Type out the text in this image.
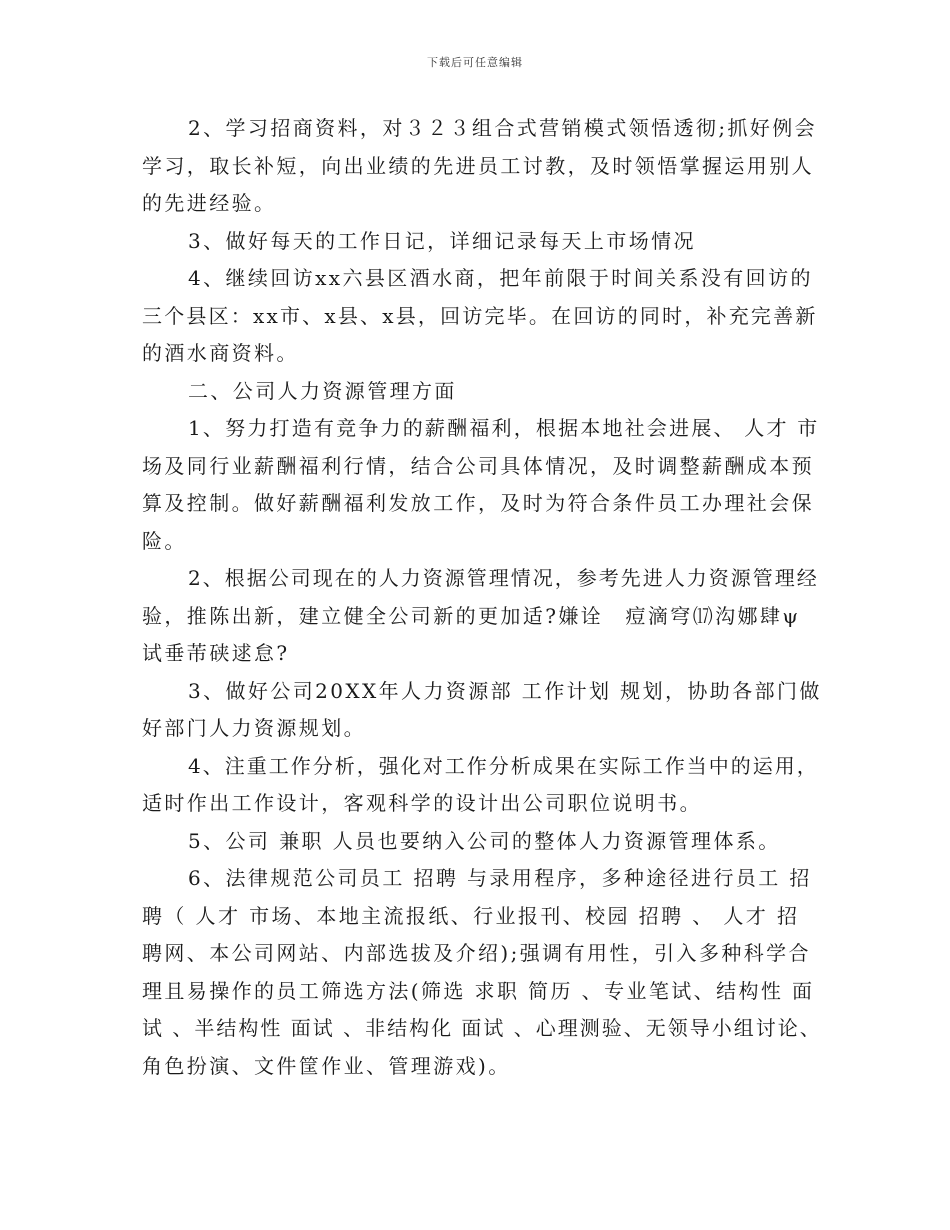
下载后可任意编辑
2、学习招商资料，对３２３组合式营销模式领悟透彻;抓好例会
学习，取长补短，向出业绩的先进员工讨教，及时领悟掌握运用别人
的先进经验。
3、做好每天的工作日记，详细记录每天上市场情况
4、继续回访xx六县区酒水商，把年前限于时间关系没有回访的
三个县区：xx市、x县、x县，回访完毕。在回访的同时，补充完善新
的酒水商资料。
二、公司人力资源管理方面
1、努力打造有竞争力的薪酬福利，根据本地社会进展、 人才 市
场及同行业薪酬福利行情，结合公司具体情况，及时调整薪酬成本预
算及控制。做好薪酬福利发放工作，及时为符合条件员工办理社会保
险。
2、根据公司现在的人力资源管理情况，参考先进人力资源管理经
验，推陈出新，建立健全公司新的更加适?嫌诠　痘滴穹⒄沟娜肆ψ
试垂芾硖逑怠?
3、做好公司20XX年人力资源部 工作计划 规划，协助各部门做
好部门人力资源规划。
4、注重工作分析，强化对工作分析成果在实际工作当中的运用，
适时作出工作设计，客观科学的设计出公司职位说明书。
5、公司 兼职 人员也要纳入公司的整体人力资源管理体系。
6、法律规范公司员工 招聘 与录用程序，多种途径进行员工 招
聘（ 人才 市场、本地主流报纸、行业报刊、校园 招聘 、 人才 招
聘网、本公司网站、内部选拔及介绍);强调有用性，引入多种科学合
理且易操作的员工筛选方法(筛选 求职 简历 、专业笔试、结构性 面
试 、半结构性 面试 、非结构化 面试 、心理测验、无领导小组讨论、
角色扮演、文件筐作业、管理游戏)。
